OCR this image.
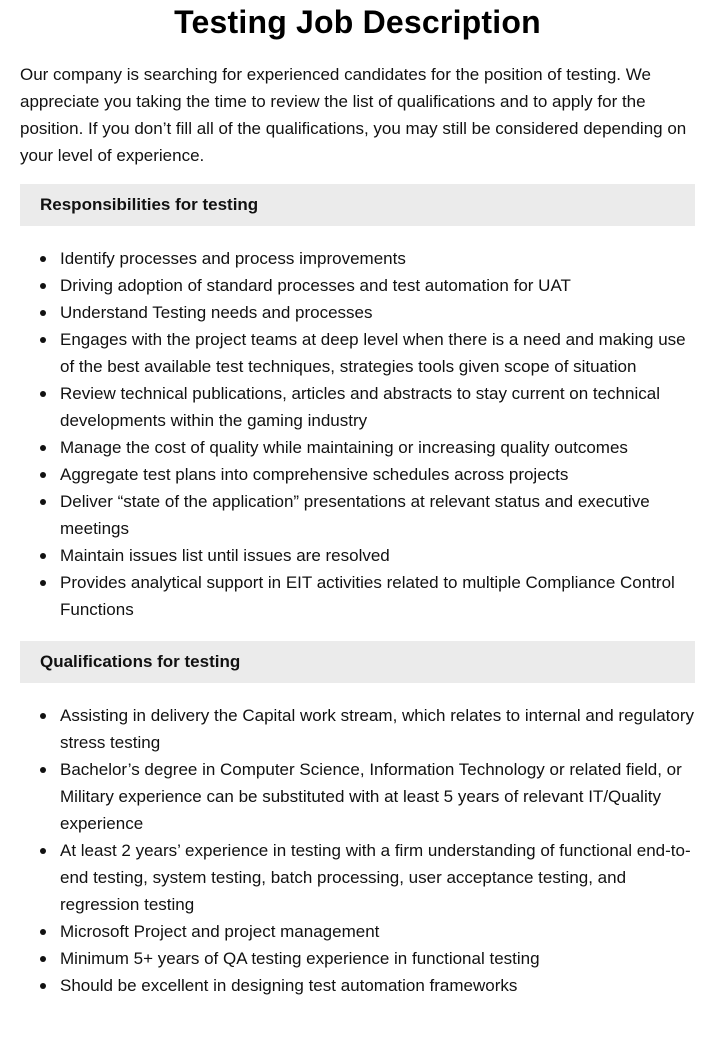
Testing Job Description

Our company is searching for experienced candidates for the position of testing. We appreciate you taking the time to review the list of qualifications and to apply for the position. If you don’t fill all of the qualifications, you may still be considered depending on your level of experience.

Responsibilities for testing
Identify processes and process improvements
Driving adoption of standard processes and test automation for UAT
Understand Testing needs and processes
Engages with the project teams at deep level when there is a need and making use of the best available test techniques, strategies tools given scope of situation
Review technical publications, articles and abstracts to stay current on technical developments within the gaming industry
Manage the cost of quality while maintaining or increasing quality outcomes
Aggregate test plans into comprehensive schedules across projects
Deliver “state of the application” presentations at relevant status and executive meetings
Maintain issues list until issues are resolved
Provides analytical support in EIT activities related to multiple Compliance Control Functions
Qualifications for testing
Assisting in delivery the Capital work stream, which relates to internal and regulatory stress testing
Bachelor’s degree in Computer Science, Information Technology or related field, or Military experience can be substituted with at least 5 years of relevant IT/Quality experience
At least 2 years’ experience in testing with a firm understanding of functional end-to-end testing, system testing, batch processing, user acceptance testing, and regression testing
Microsoft Project and project management
Minimum 5+ years of QA testing experience in functional testing
Should be excellent in designing test automation frameworks
